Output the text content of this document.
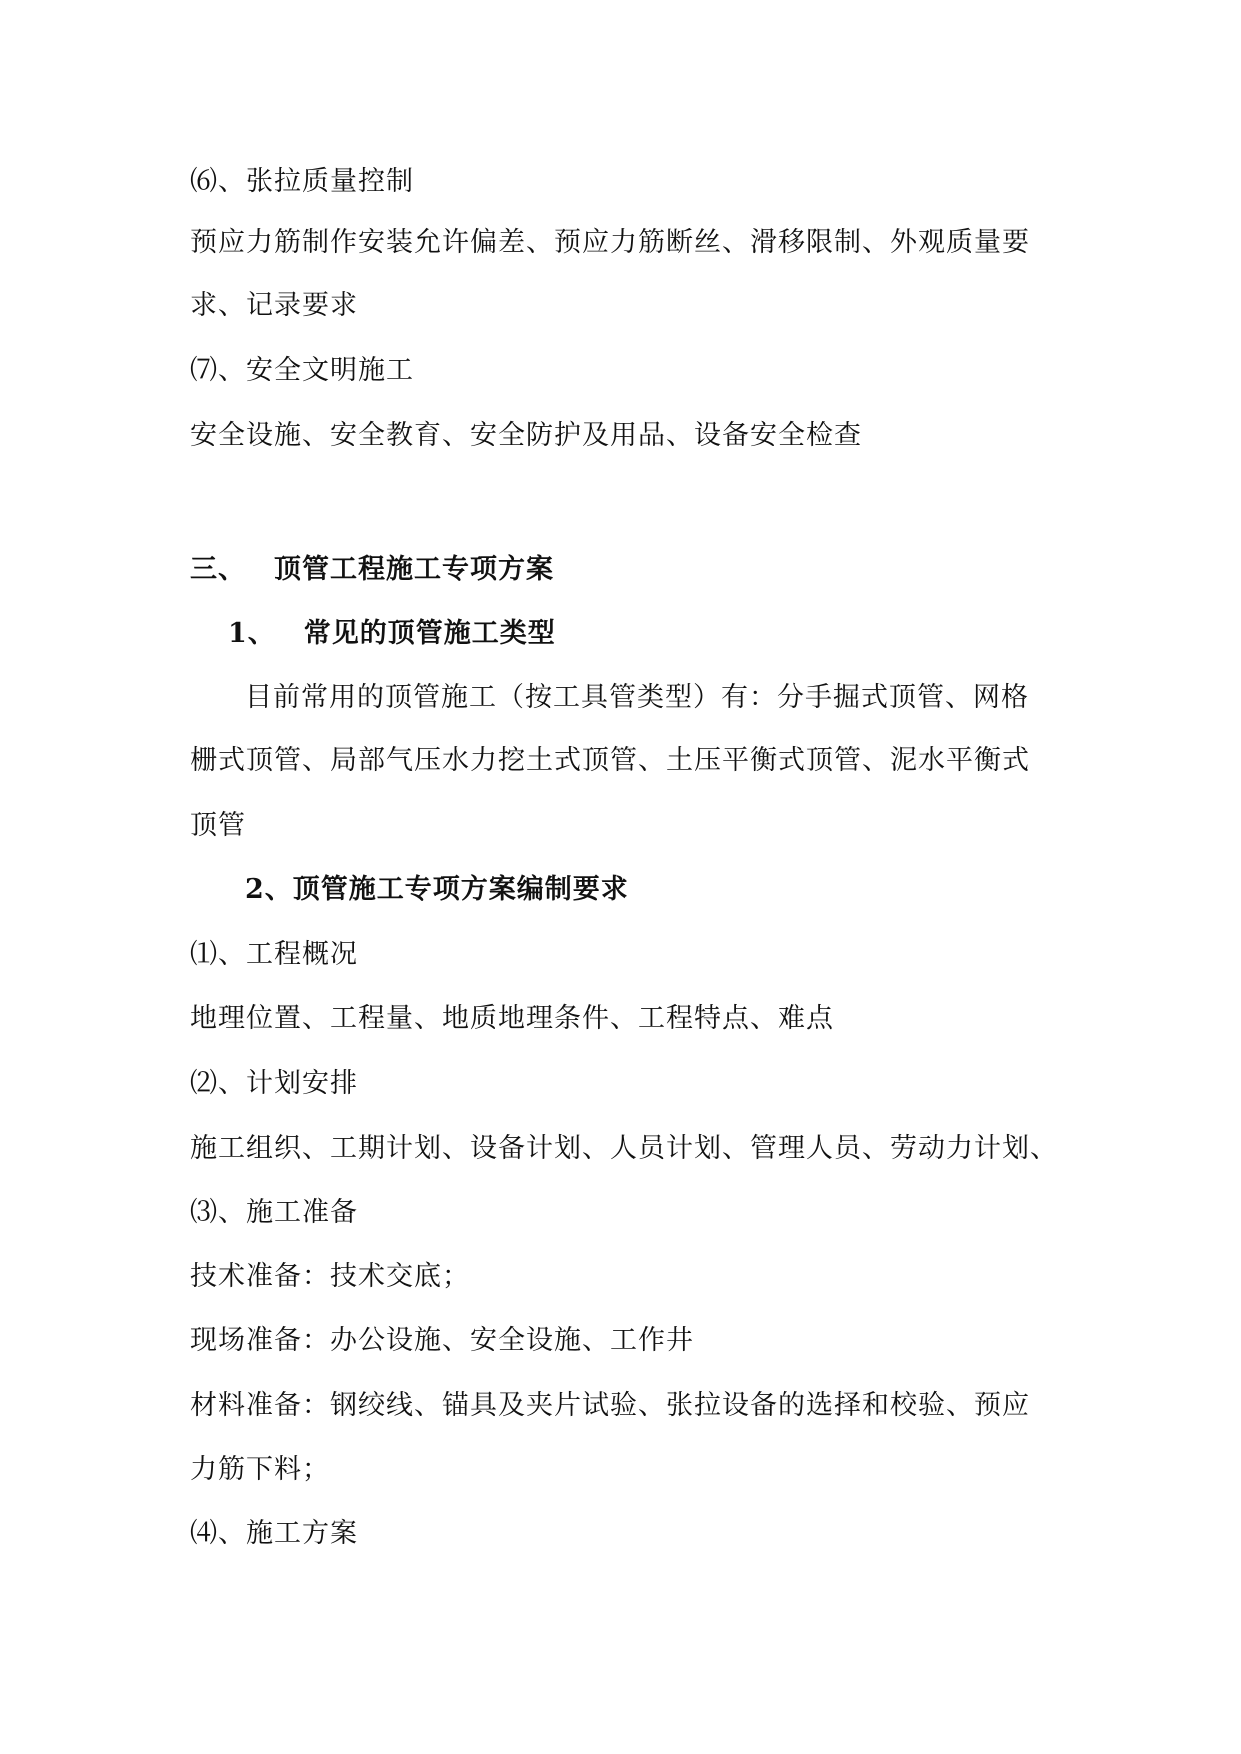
⑹、张拉质量控制
预应力筋制作安装允许偏差、预应力筋断丝、滑移限制、外观质量要
求、记录要求
⑺、安全文明施工
安全设施、安全教育、安全防护及用品、设备安全检查
三、 顶管工程施工专项方案
1、 常见的顶管施工类型
目前常用的顶管施工（按工具管类型）有：分手掘式顶管、网格
栅式顶管、局部气压水力挖土式顶管、土压平衡式顶管、泥水平衡式
顶管
2、顶管施工专项方案编制要求
⑴、工程概况
地理位置、工程量、地质地理条件、工程特点、难点
⑵、计划安排
施工组织、工期计划、设备计划、人员计划、管理人员、劳动力计划、
⑶、施工准备
技术准备：技术交底；
现场准备：办公设施、安全设施、工作井
材料准备：钢绞线、锚具及夹片试验、张拉设备的选择和校验、预应
力筋下料；
⑷、施工方案
